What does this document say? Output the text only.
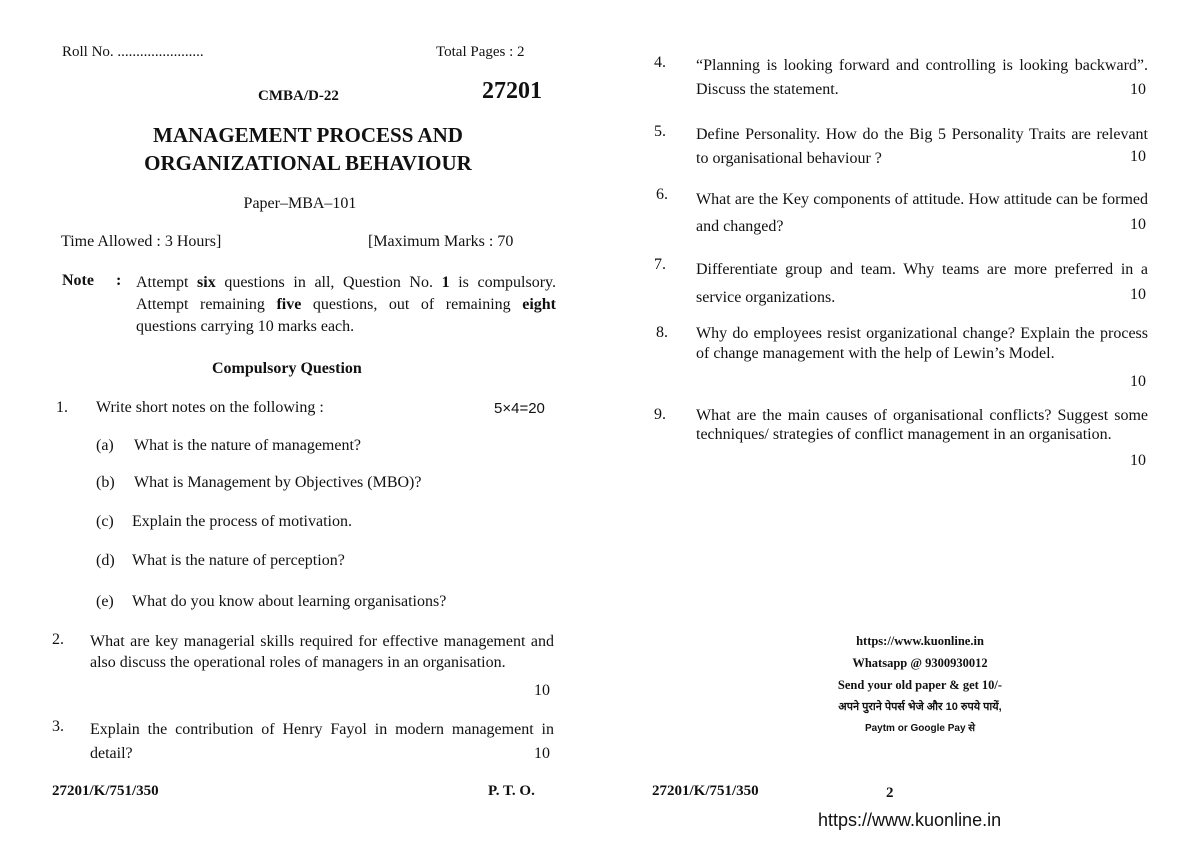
Roll No. .......................	Total Pages : 2
CMBA/D-22	27201
MANAGEMENT PROCESS AND
ORGANIZATIONAL BEHAVIOUR
Paper–MBA–101
Time Allowed : 3 Hours]	[Maximum Marks : 70
Note : Attempt six questions in all, Question No. 1 is compulsory. Attempt remaining five questions, out of remaining eight questions carrying 10 marks each.
Compulsory Question
1. Write short notes on the following :	5×4=20
(a) What is the nature of management?
(b) What is Management by Objectives (MBO)?
(c) Explain the process of motivation.
(d) What is the nature of perception?
(e) What do you know about learning organisations?
2. What are key managerial skills required for effective management and also discuss the operational roles of managers in an organisation.
10
3. Explain the contribution of Henry Fayol in modern management in detail?	10
27201/K/751/350	P. T. O.
4. “Planning is looking forward and controlling is looking backward”. Discuss the statement.	10
5. Define Personality. How do the Big 5 Personality Traits are relevant to organisational behaviour ?	10
6. What are the Key components of attitude. How attitude can be formed and changed?	10
7. Differentiate group and team. Why teams are more preferred in a service organizations.	10
8. Why do employees resist organizational change? Explain the process of change management with the help of Lewin’s Model.
10
9. What are the main causes of organisational conflicts? Suggest some techniques/ strategies of conflict management in an organisation.
10
https://www.kuonline.in
Whatsapp @ 9300930012
Send your old paper & get 10/-
अपने पुराने पेपर्स भेजे और 10 रुपये पायें,
Paytm or Google Pay से
27201/K/751/350	2
https://www.kuonline.in
